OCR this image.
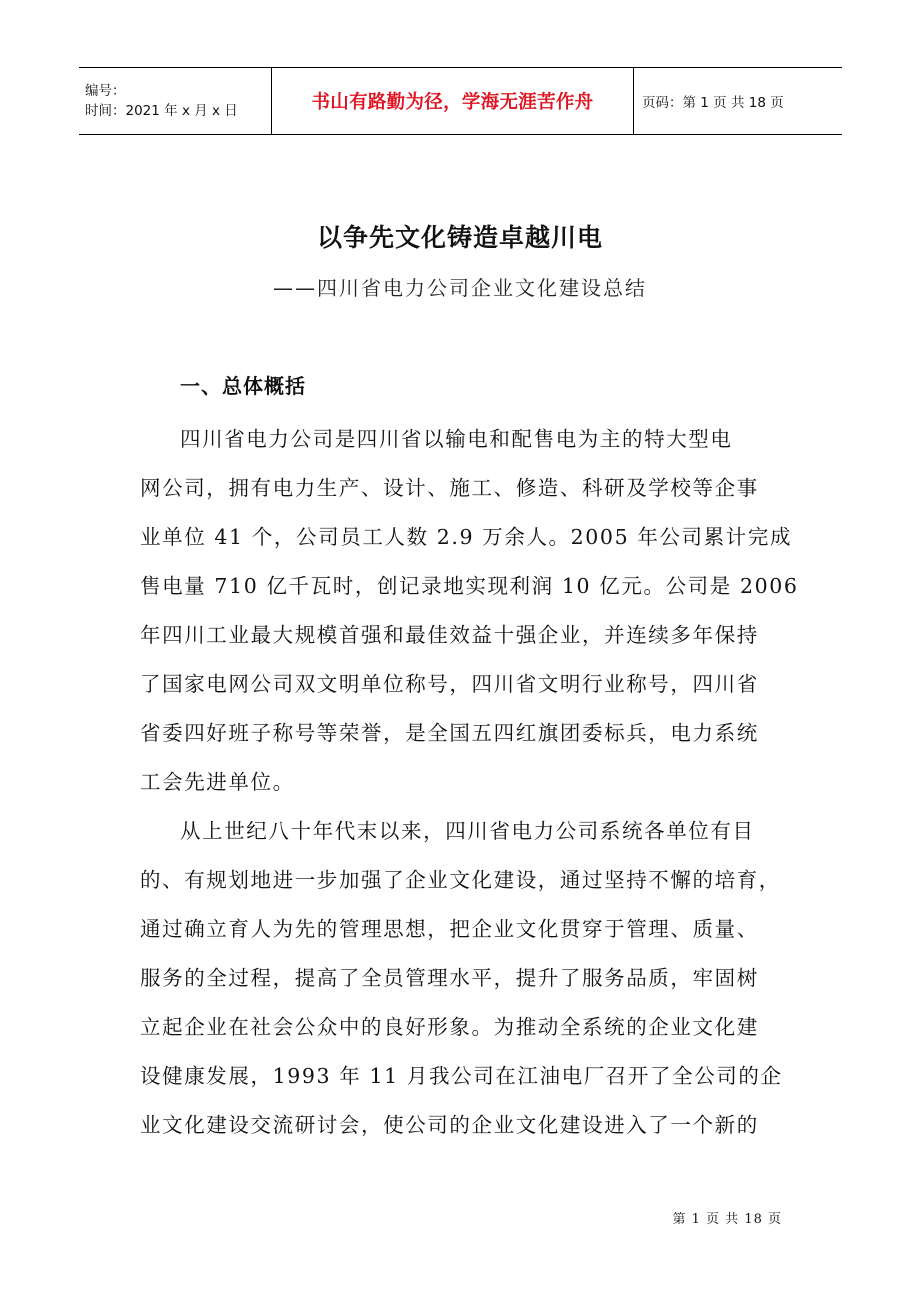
编号：
时间：2021 年 x 月 x 日	书山有路勤为径，学海无涯苦作舟	页码：第 1 页 共 18 页
以争先文化铸造卓越川电
——四川省电力公司企业文化建设总结
一、总体概括
四川省电力公司是四川省以输电和配售电为主的特大型电
网公司，拥有电力生产、设计、施工、修造、科研及学校等企事
业单位 41 个，公司员工人数 2.9 万余人。2005 年公司累计完成
售电量 710 亿千瓦时，创记录地实现利润 10 亿元。公司是 2006
年四川工业最大规模首强和最佳效益十强企业，并连续多年保持
了国家电网公司双文明单位称号，四川省文明行业称号，四川省
省委四好班子称号等荣誉，是全国五四红旗团委标兵，电力系统
工会先进单位。
从上世纪八十年代末以来，四川省电力公司系统各单位有目
的、有规划地进一步加强了企业文化建设，通过坚持不懈的培育，
通过确立育人为先的管理思想，把企业文化贯穿于管理、质量、
服务的全过程，提高了全员管理水平，提升了服务品质，牢固树
立起企业在社会公众中的良好形象。为推动全系统的企业文化建
设健康发展，1993 年 11 月我公司在江油电厂召开了全公司的企
业文化建设交流研讨会，使公司的企业文化建设进入了一个新的
第 1 页 共 18 页
